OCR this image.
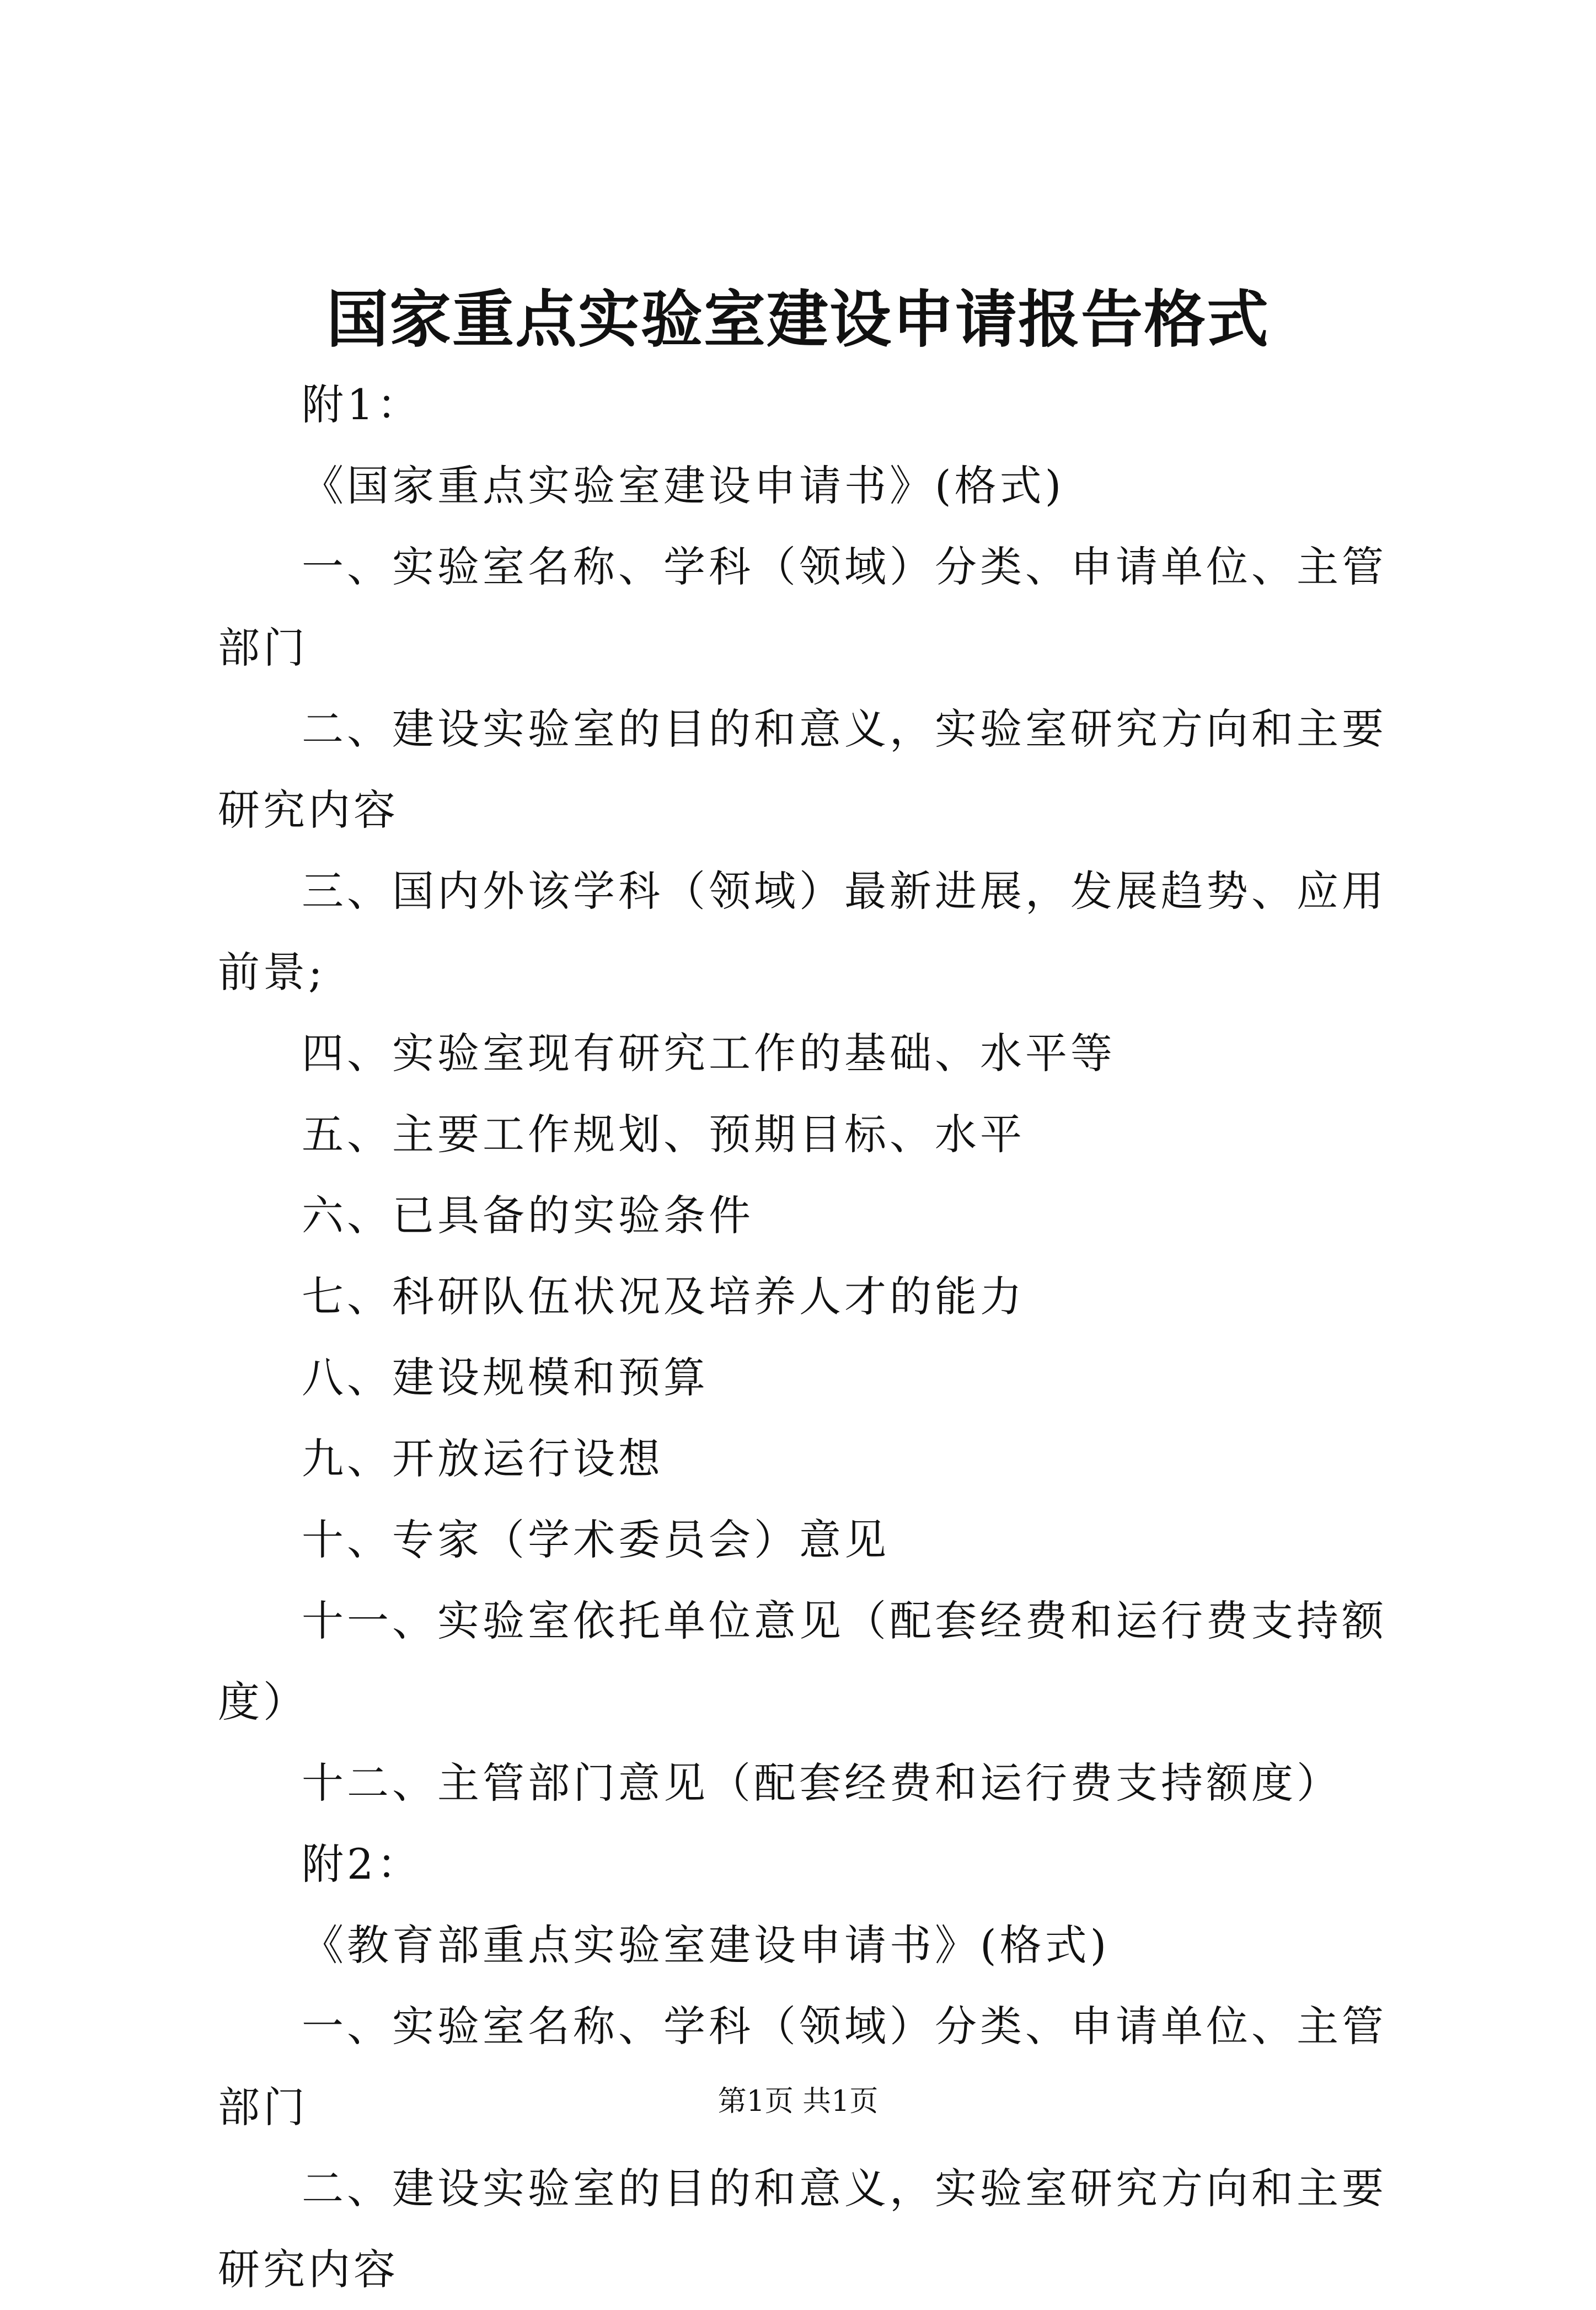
国家重点实验室建设申请报告格式

附1：

《国家重点实验室建设申请书》(格式)

一、实验室名称、学科（领域）分类、申请单位、主管部门

二、建设实验室的目的和意义，实验室研究方向和主要研究内容

三、国内外该学科（领域）最新进展，发展趋势、应用前景;

四、实验室现有研究工作的基础、水平等

五、主要工作规划、预期目标、水平

六、已具备的实验条件

七、科研队伍状况及培养人才的能力

八、建设规模和预算

九、开放运行设想

十、专家（学术委员会）意见

十一、实验室依托单位意见（配套经费和运行费支持额度）

十二、主管部门意见（配套经费和运行费支持额度）

附2：

《教育部重点实验室建设申请书》(格式)

一、实验室名称、学科（领域）分类、申请单位、主管部门

二、建设实验室的目的和意义，实验室研究方向和主要研究内容

第1页 共1页
